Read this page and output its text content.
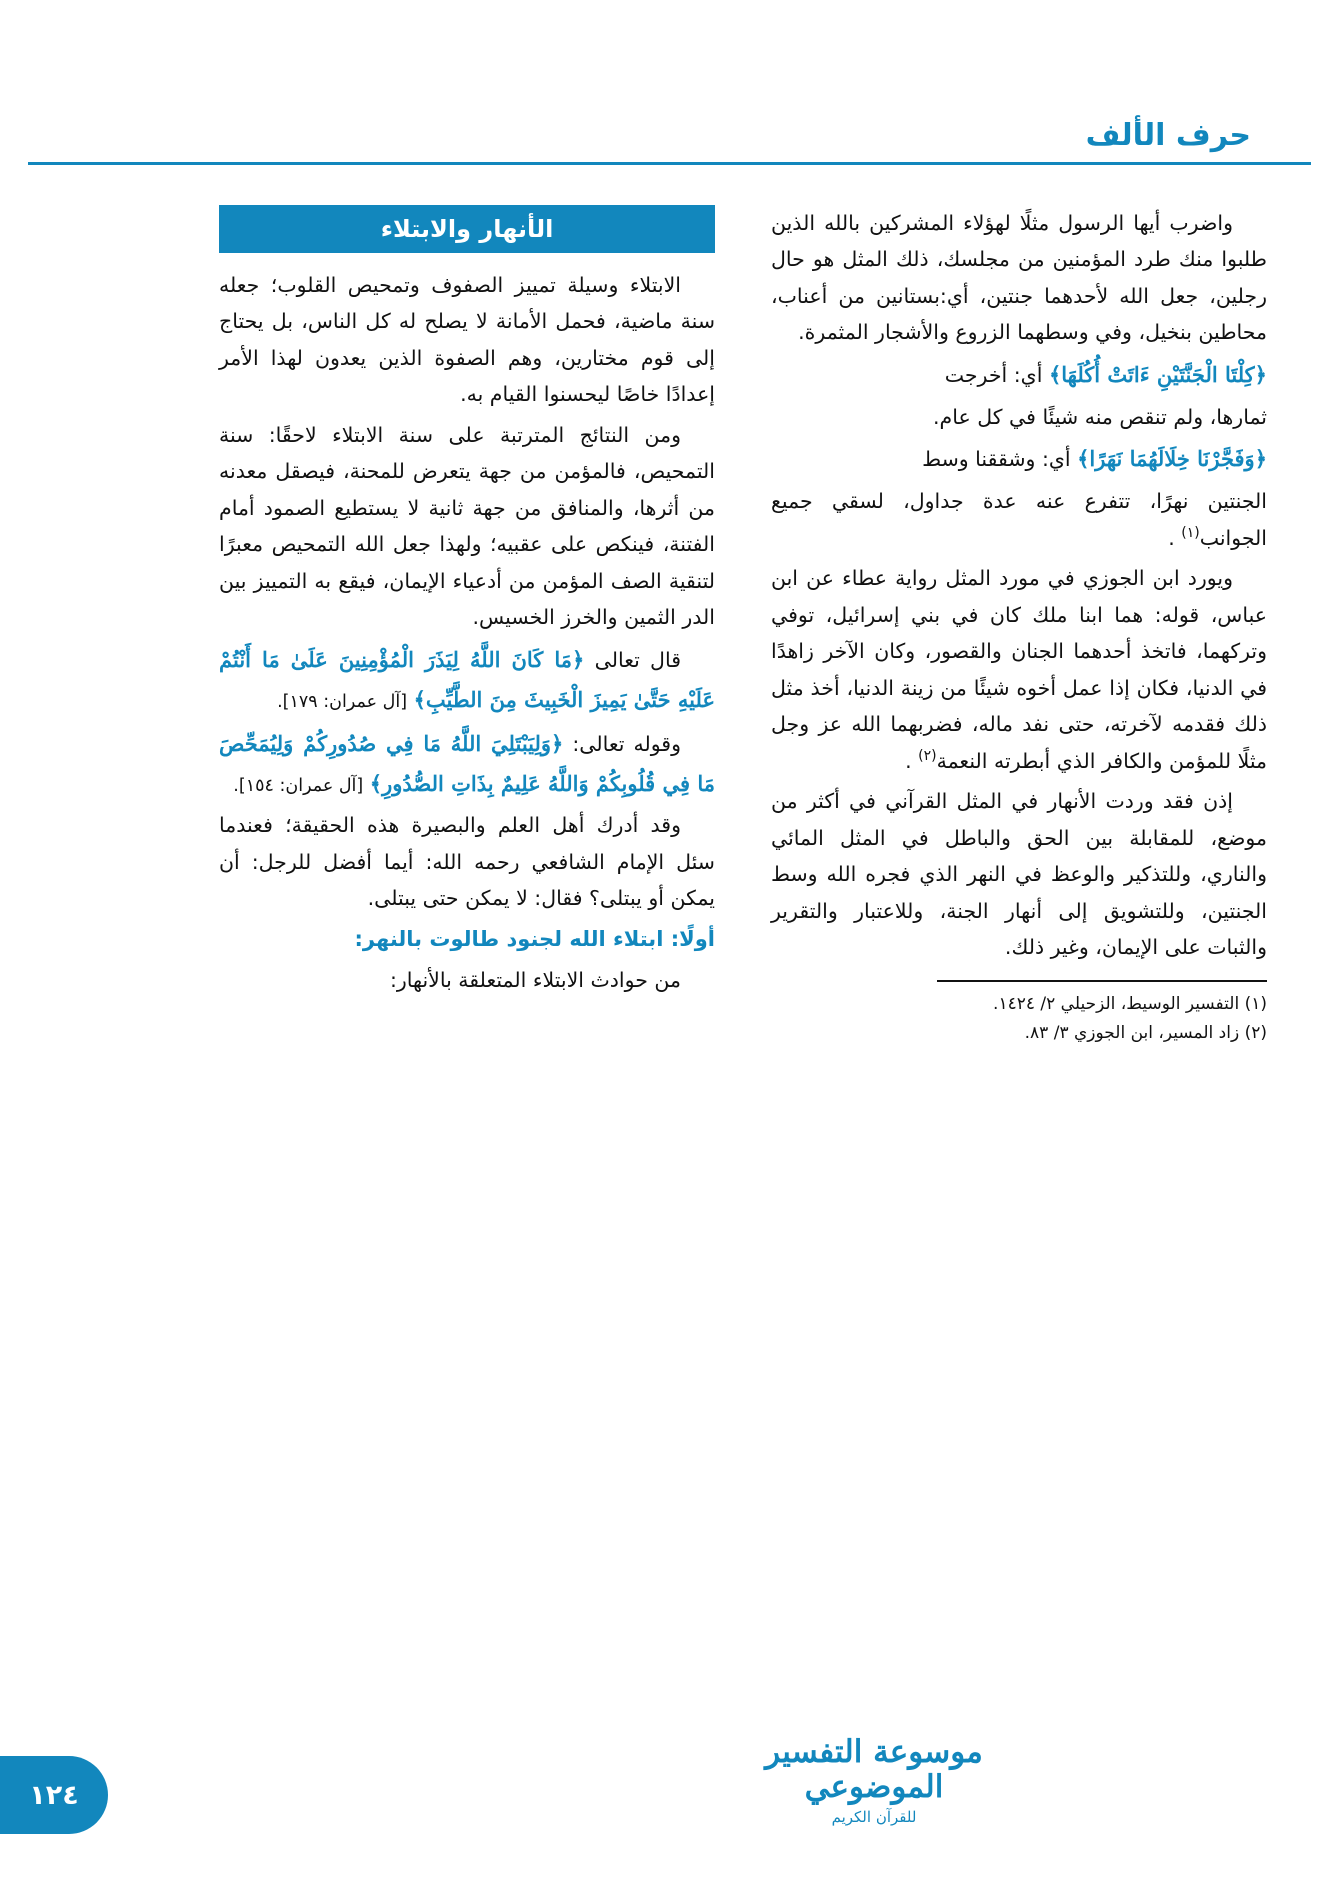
حرف الألف

واضرب أيها الرسول مثلًا لهؤلاء المشركين بالله الذين طلبوا منك طرد المؤمنين من مجلسك، ذلك المثل هو حال رجلين، جعل الله لأحدهما جنتين، أي:بستانين من أعناب، محاطين بنخيل، وفي وسطهما الزروع والأشجار المثمرة.

﴿كِلْتَا الْجَنَّتَيْنِ ءَاتَتْ أُكُلَهَا﴾ أي: أخرجت

ثمارها، ولم تنقص منه شيئًا في كل عام.

﴿وَفَجَّرْنَا خِلَالَهُمَا نَهَرًا﴾ أي: وشققنا وسط

الجنتين نهرًا، تتفرع عنه عدة جداول، لسقي جميع الجوانب$^{(١)}$ .

ويورد ابن الجوزي في مورد المثل رواية عطاء عن ابن عباس، قوله: هما ابنا ملك كان في بني إسرائيل، توفي وتركهما، فاتخذ أحدهما الجنان والقصور، وكان الآخر زاهدًا في الدنيا، فكان إذا عمل أخوه شيئًا من زينة الدنيا، أخذ مثل ذلك فقدمه لآخرته، حتى نفد ماله، فضربهما الله عز وجل مثلًا للمؤمن والكافر الذي أبطرته النعمة$^{(٢)}$ .

إذن فقد وردت الأنهار في المثل القرآني في أكثر من موضع، للمقابلة بين الحق والباطل في المثل المائي والناري، وللتذكير والوعظ في النهر الذي فجره الله وسط الجنتين، وللتشويق إلى أنهار الجنة، وللاعتبار والتقرير والثبات على الإيمان، وغير ذلك.

(١) التفسير الوسيط، الزحيلي ٢/ ١٤٢٤.

(٢) زاد المسير، ابن الجوزي ٣/ ٨٣.

الأنهار والابتلاء

الابتلاء وسيلة تمييز الصفوف وتمحيص القلوب؛ جعله سنة ماضية، فحمل الأمانة لا يصلح له كل الناس، بل يحتاج إلى قوم مختارين، وهم الصفوة الذين يعدون لهذا الأمر إعدادًا خاصًا ليحسنوا القيام به.

ومن النتائج المترتبة على سنة الابتلاء لاحقًا: سنة التمحيص، فالمؤمن من جهة يتعرض للمحنة، فيصقل معدنه من أثرها، والمنافق من جهة ثانية لا يستطيع الصمود أمام الفتنة، فينكص على عقبيه؛ ولهذا جعل الله التمحيص معبرًا لتنقية الصف المؤمن من أدعياء الإيمان، فيقع به التمييز بين الدر الثمين والخرز الخسيس.

قال تعالى ﴿مَا كَانَ اللَّهُ لِيَذَرَ الْمُؤْمِنِينَ عَلَىٰ مَا أَنْتُمْ عَلَيْهِ حَتَّىٰ يَمِيزَ الْخَبِيثَ مِنَ الطَّيِّبِ﴾ [آل عمران: ١٧٩].

وقوله تعالى: ﴿وَلِيَبْتَلِيَ اللَّهُ مَا فِي صُدُورِكُمْ وَلِيُمَحِّصَ مَا فِي قُلُوبِكُمْ وَاللَّهُ عَلِيمٌ بِذَاتِ الصُّدُورِ﴾ [آل عمران: ١٥٤].

وقد أدرك أهل العلم والبصيرة هذه الحقيقة؛ فعندما سئل الإمام الشافعي رحمه الله: أيما أفضل للرجل: أن يمكن أو يبتلى؟ فقال: لا يمكن حتى يبتلى.

أولًا: ابتلاء الله لجنود طالوت بالنهر:

من حوادث الابتلاء المتعلقة بالأنهار:

موسوعة التفسير الموضوعي
للقرآن الكريم
١٢٤
